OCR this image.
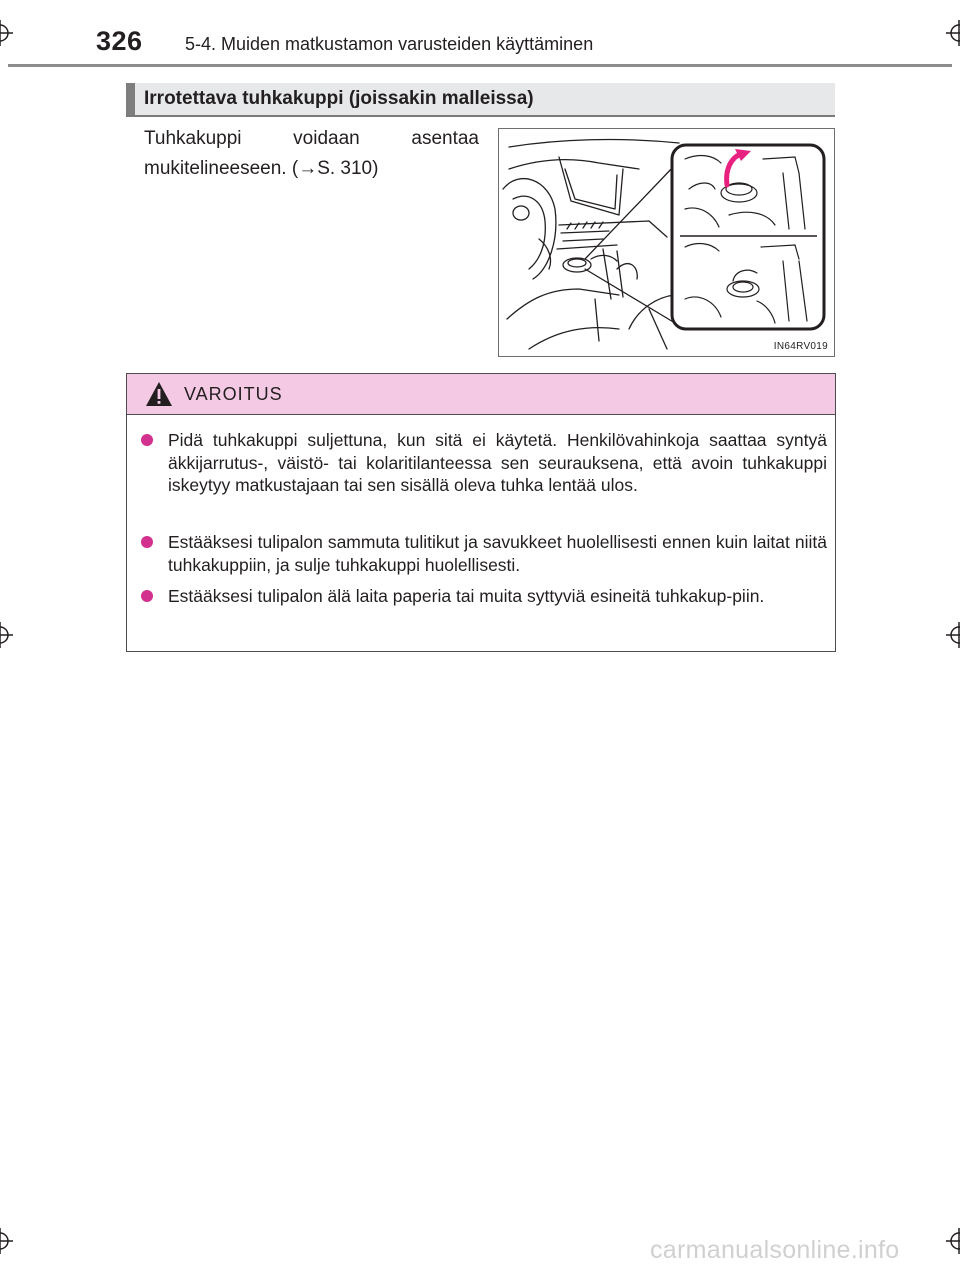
326 5-4. Muiden matkustamon varusteiden käyttäminen
Irrotettava tuhkakuppi (joissakin malleissa)
Tuhkakuppi voidaan asentaa
mukitelineeseen. (→S. 310)
IN64RV019
VAROITUS
Pidä tuhkakuppi suljettuna, kun sitä ei käytetä. Henkilövahinkoja saattaa syntyä äkkijarrutus-, väistö- tai kolaritilanteessa sen seurauksena, että avoin tuhkakuppi iskeytyy matkustajaan tai sen sisällä oleva tuhka lentää ulos.
Estääksesi tulipalon sammuta tulitikut ja savukkeet huolellisesti ennen kuin laitat niitä tuhkakuppiin, ja sulje tuhkakuppi huolellisesti.
Estääksesi tulipalon älä laita paperia tai muita syttyviä esineitä tuhkakup-piin.
carmanualsonline.info
